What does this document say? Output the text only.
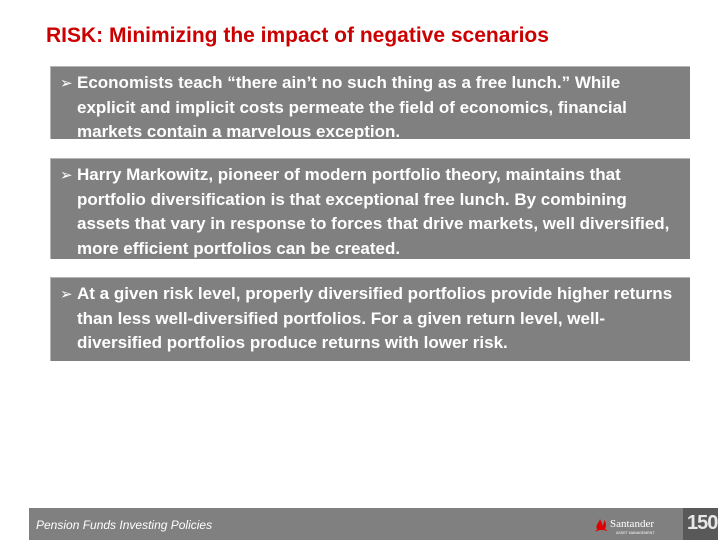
RISK: Minimizing the impact of negative scenarios
➢ Economists teach “there ain’t no such thing as a free lunch.” While explicit and implicit costs permeate the field of economics, financial markets contain a marvelous exception.
➢ Harry Markowitz, pioneer of modern portfolio theory, maintains that portfolio diversification is that exceptional free lunch. By combining assets that vary in response to forces that drive markets, well diversified, more efficient portfolios can be created.
➢ At a given risk level, properly diversified portfolios provide higher returns than less well-diversified portfolios. For a given return level, well-diversified portfolios produce returns with lower risk.
Pension Funds Investing Policies	Santander
ASSET MANAGEMENT 150
